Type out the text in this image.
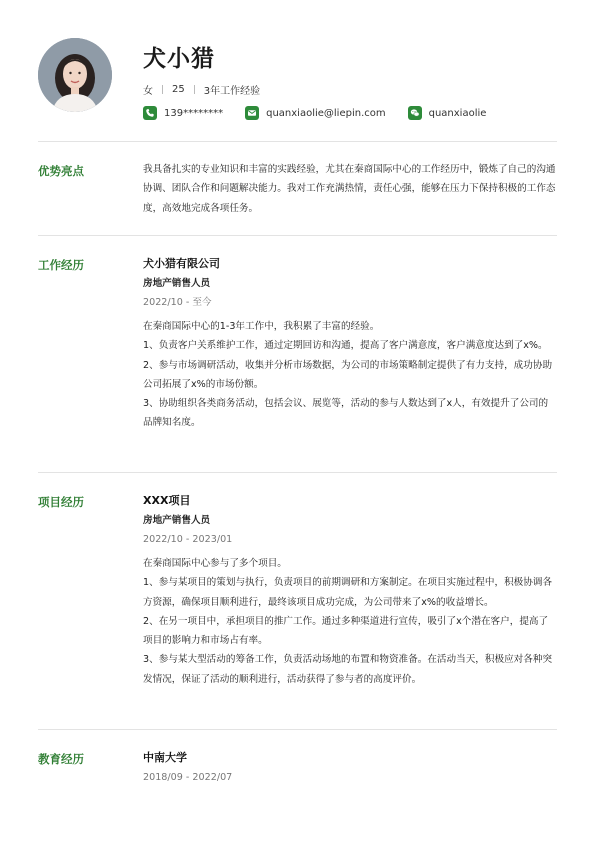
犬小猎
女 25 3年工作经验
139********	quanxiaolie@liepin.com	quanxiaolie
优势亮点	我具备扎实的专业知识和丰富的实践经验，尤其在秦商国际中心的工作经历中，锻炼了自己的沟通协调、团队合作和问题解决能力。我对工作充满热情，责任心强，能够在压力下保持积极的工作态度，高效地完成各项任务。

工作经历	犬小猎有限公司
房地产销售人员
2022/10 - 至今

在秦商国际中心的1-3年工作中，我积累了丰富的经验。

1、负责客户关系维护工作，通过定期回访和沟通，提高了客户满意度，客户满意度达到了x%。

2、参与市场调研活动，收集并分析市场数据，为公司的市场策略制定提供了有力支持，成功协助公司拓展了x%的市场份额。

3、协助组织各类商务活动，包括会议、展览等，活动的参与人数达到了x人，有效提升了公司的品牌知名度。

项目经历	XXX项目
房地产销售人员
2022/10 - 2023/01

在秦商国际中心参与了多个项目。

1、参与某项目的策划与执行，负责项目的前期调研和方案制定。在项目实施过程中，积极协调各方资源，确保项目顺利进行，最终该项目成功完成，为公司带来了x%的收益增长。

2、在另一项目中，承担项目的推广工作。通过多种渠道进行宣传，吸引了x个潜在客户，提高了项目的影响力和市场占有率。

3、参与某大型活动的筹备工作，负责活动场地的布置和物资准备。在活动当天，积极应对各种突发情况，保证了活动的顺利进行，活动获得了参与者的高度评价。

教育经历	中南大学
2018/09 - 2022/07
